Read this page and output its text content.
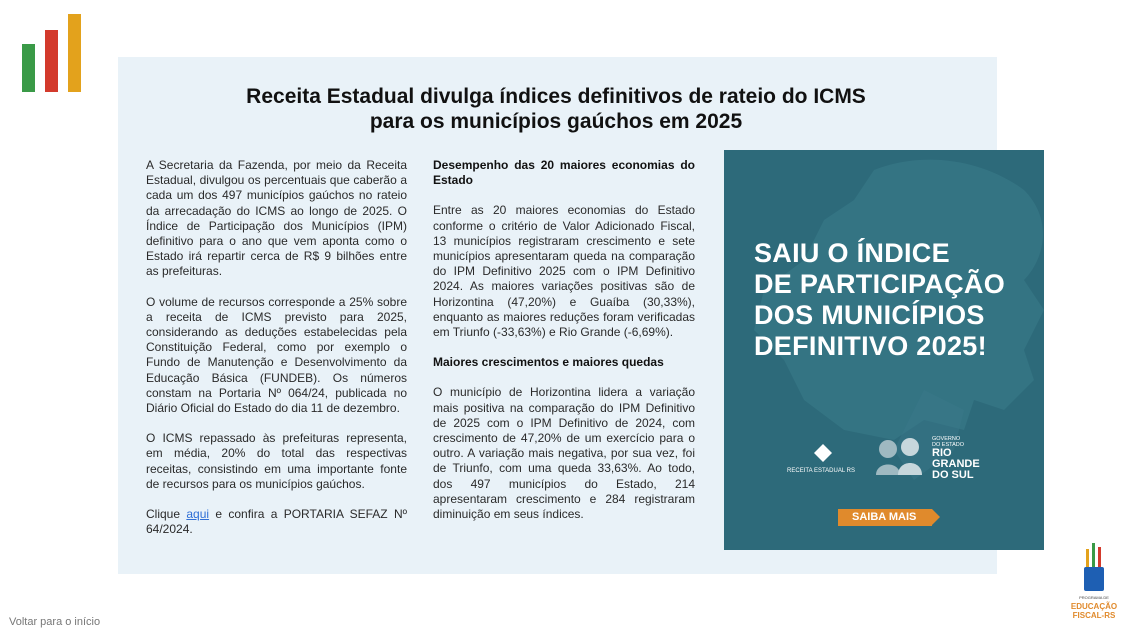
Receita Estadual divulga índices definitivos de rateio do ICMS
para os municípios gaúchos em 2025

A Secretaria da Fazenda, por meio da Receita Estadual, divulgou os percentuais que caberão a cada um dos 497 municípios gaúchos no rateio da arrecadação do ICMS ao longo de 2025. O Índice de Participação dos Municípios (IPM) definitivo para o ano que vem aponta como o Estado irá repartir cerca de R$ 9 bilhões entre as prefeituras.

O volume de recursos corresponde a 25% sobre a receita de ICMS previsto para 2025, considerando as deduções estabelecidas pela Constituição Federal, como por exemplo o Fundo de Manutenção e Desenvolvimento da Educação Básica (FUNDEB). Os números constam na Portaria Nº 064/24, publicada no Diário Oficial do Estado do dia 11 de dezembro.

O ICMS repassado às prefeituras representa, em média, 20% do total das respectivas receitas, consistindo em uma importante fonte de recursos para os municípios gaúchos.

Clique aqui e confira a PORTARIA SEFAZ Nº 64/2024.

Desempenho das 20 maiores economias do Estado

Entre as 20 maiores economias do Estado conforme o critério de Valor Adicionado Fiscal, 13 municípios registraram crescimento e sete municípios apresentaram queda na comparação do IPM Definitivo 2025 com o IPM Definitivo 2024. As maiores variações positivas são de Horizontina (47,20%) e Guaíba (30,33%), enquanto as maiores reduções foram verificadas em Triunfo (-33,63%) e Rio Grande (-6,69%).

Maiores crescimentos e maiores quedas

O município de Horizontina lidera a variação mais positiva na comparação do IPM Definitivo de 2025 com o IPM Definitivo de 2024, com crescimento de 47,20% de um exercício para o outro. A variação mais negativa, por sua vez, foi de Triunfo, com uma queda 33,63%. Ao todo, dos 497 municípios do Estado, 214 apresentaram crescimento e 284 registraram diminuição em seus índices.

SAIU O ÍNDICE
DE PARTICIPAÇÃO
DOS MUNICÍPIOS
DEFINITIVO 2025!
RECEITA ESTADUAL RS
GOVERNO
DO ESTADO
RIO
GRANDE
DO SUL
SAIBA MAIS
Voltar para o início
PROGRAMA DE
EDUCAÇÃO
FISCAL-RS
